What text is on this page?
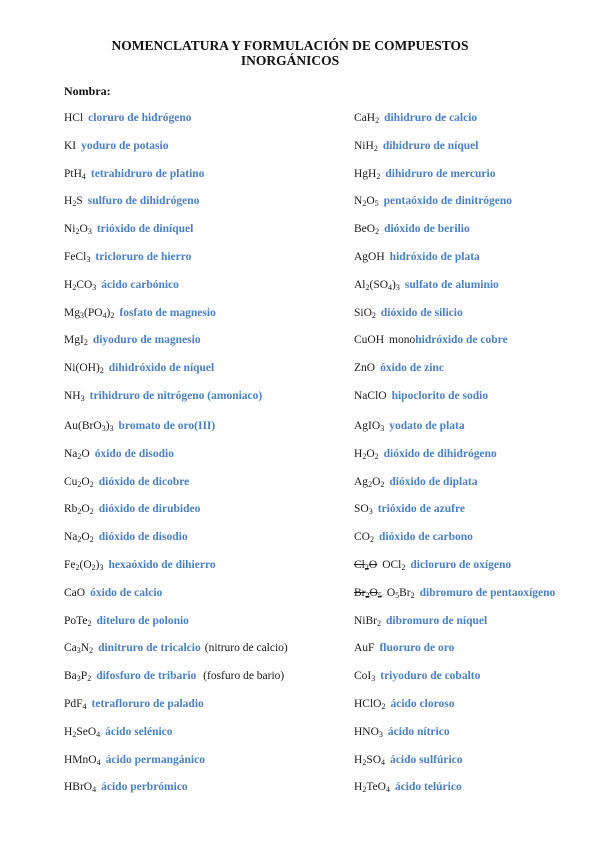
NOMENCLATURA Y FORMULACIÓN DE COMPUESTOS
INORGÁNICOS
Nombra:
HCl cloruro de hidrógeno
KI yoduro de potasio
PtH$_4$ tetrahidruro de platino
$H_2S$ sulfuro de dihidrógeno
$Ni_2O_3$ trióxido de diníquel
FeCl$_3$ tricloruro de hierro
$H_2CO_3$ ácido carbónico
$Mg_3(PO_4)_2$ fosfato de magnesio
MgI$_2$ diyoduro de magnesio
$Ni(OH)_2$ dihidróxido de níquel
$NH_3$ trihidruro de nitrógeno (amoniaco)
$Au(BrO_3)_3$ bromato de oro(III)
$Na_2O$ óxido de disodio
$Cu_2O_2$ dióxido de dicobre
$Rb_2O_2$ dióxido de dirubideo
$Na_2O_2$ dióxido de disodio
$Fe_2(O_2)_3$ hexaóxido de dihierro
CaO óxido de calcio
PoTe$_2$ diteluro de polonio
$Ca_3N_2$ dinitruro de tricalcio (nitruro de calcio)
$Ba_3P_2$ difosfuro de tribario (fosfuro de bario)
PdF$_4$ tetrafloruro de paladio
$H_2SeO_4$ ácido selénico
HMnO$_4$ ácido permangánico
HBrO$_4$ ácido perbrómico
CaH$_2$ dihidruro de calcio
NiH$_2$ dihidruro de níquel
HgH$_2$ dihidruro de mercurio
$N_2O_5$ pentaóxido de dinitrógeno
BeO$_2$ dióxido de berilio
AgOH hidróxido de plata
$Al_2(SO_4)_3$ sulfato de aluminio
SiO$_2$ dióxido de silicio
CuOH monohidróxido de cobre
ZnO óxido de zinc
NaClO hipoclorito de sodio
AgIO$_3$ yodato de plata
$H_2O_2$ dióxido de dihidrógeno
$Ag_2O_2$ dióxido de diplata
$SO_3$ trióxido de azufre
$CO_2$ dióxido de carbono
$Cl_2O$ OCl$_2$ dicloruro de oxígeno
$Br_2O_5$ $O_5Br_2$ dibromuro de pentaoxígeno
NiBr$_2$ dibromuro de níquel
AuF fluoruro de oro
CoI$_3$ triyoduro de cobalto
HClO$_2$ ácido cloroso
$HNO_3$ ácido nítrico
$H_2SO_4$ ácido sulfúrico
$H_2TeO_4$ ácido telúrico
